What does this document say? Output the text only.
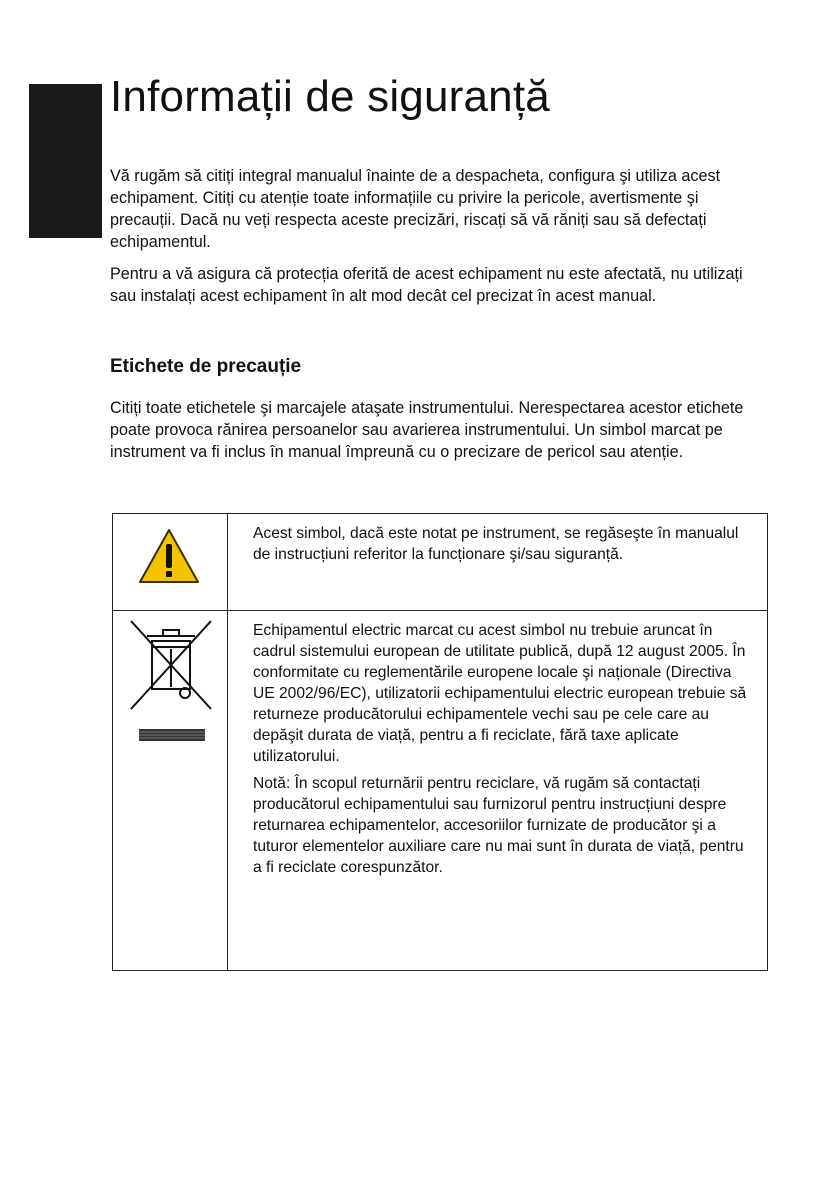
Informații de siguranță

Vă rugăm să citiți integral manualul înainte de a despacheta, configura şi utiliza acest echipament. Citiți cu atenție toate informațiile cu privire la pericole, avertismente şi precauții. Dacă nu veți respecta aceste precizări, riscați să vă răniți sau să defectați echipamentul.

Pentru a vă asigura că protecția oferită de acest echipament nu este afectată, nu utilizați sau instalați acest echipament în alt mod decât cel precizat în acest manual.

Etichete de precauție

Citiți toate etichetele şi marcajele ataşate instrumentului. Nerespectarea acestor etichete poate provoca rănirea persoanelor sau avarierea instrumentului. Un simbol marcat pe instrument va fi inclus în manual împreună cu o precizare de pericol sau atenție.

Acest simbol, dacă este notat pe instrument, se regăseşte în manualul de instrucțiuni referitor la funcționare şi/sau siguranță.

Echipamentul electric marcat cu acest simbol nu trebuie aruncat în cadrul sistemului european de utilitate publică, după 12 august 2005. În conformitate cu reglementările europene locale şi naționale (Directiva UE 2002/96/EC), utilizatorii echipamentului electric european trebuie să returneze producătorului echipamentele vechi sau pe cele care au depăşit durata de viață, pentru a fi reciclate, fără taxe aplicate utilizatorului.

Notă: În scopul returnării pentru reciclare, vă rugăm să contactați producătorul echipamentului sau furnizorul pentru instrucțiuni despre returnarea echipamentelor, accesoriilor furnizate de producător şi a tuturor elementelor auxiliare care nu mai sunt în durata de viață, pentru a fi reciclate corespunzător.
